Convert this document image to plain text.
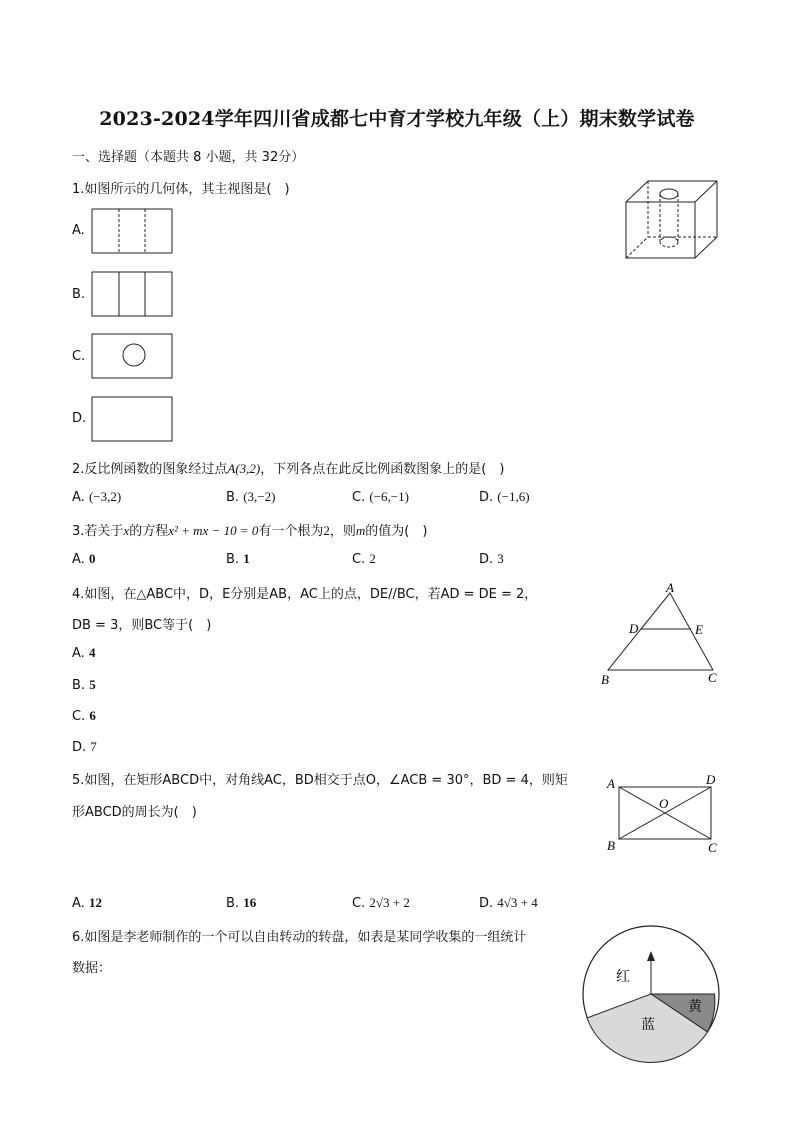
2023-2024学年四川省成都七中育才学校九年级（上）期末数学试卷
一、选择题（本题共 8 小题，共 32分）
1.如图所示的几何体，其主视图是(　)
A.
B.
C.
D.
2.反比例函数的图象经过点A(3,2)，下列各点在此反比例函数图象上的是(　)
A. (−3,2)	B. (3,−2)	C. (−6,−1)	D. (−1,6)
3.若关于x的方程x² + mx − 10 = 0有一个根为2，则m的值为(　)
A. 0	B. 1	C. 2	D. 3
4.如图，在△ABC中，D，E分别是AB，AC上的点，DE//BC，若AD = DE = 2，
DB = 3，则BC等于(　)
A. 4
B. 5
C. 6
D. 7
A
B	C
D	E
5.如图，在矩形ABCD中，对角线AC，BD相交于点O，∠ACB = 30°，BD = 4，则矩
形ABCD的周长为(　)
A	D
B	C
O
A. 12	B. 16	C. 2√3 + 2	D. 4√3 + 4
6.如图是李老师制作的一个可以自由转动的转盘，如表是某同学收集的一组统计
数据：
红
黄
蓝
